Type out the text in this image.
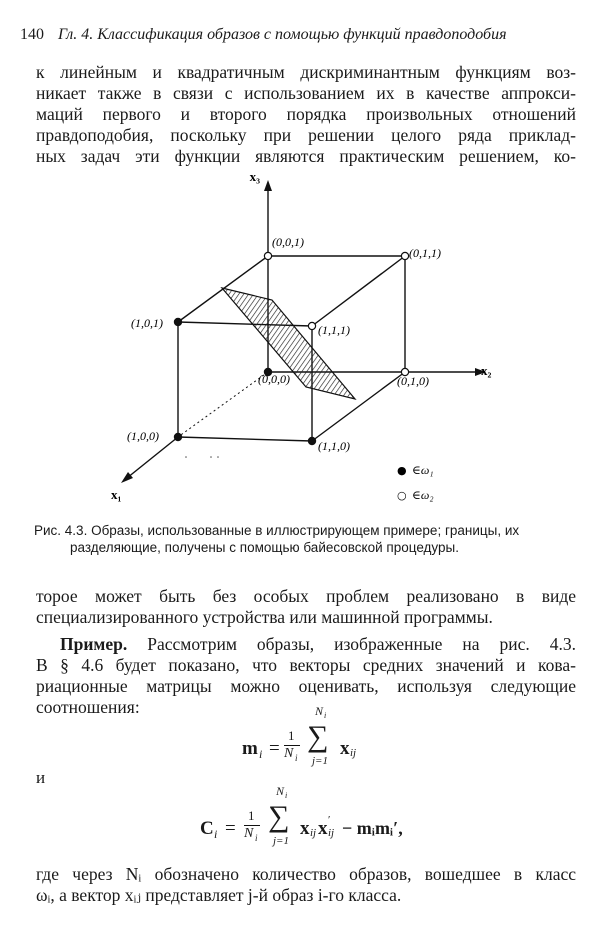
140 Гл. 4. Классификация образов с помощью функций правдоподобия
к линейным и квадратичным дискриминантным функциям воз-
никает также в связи с использованием их в качестве аппрокси-
маций первого и второго порядка произвольных отношений
правдоподобия, поскольку при решении целого ряда приклад-
ных задач эти функции являются практическим решением, ко-
x₃
x₂
x₁
(0,0,1)
(0,1,1)
(1,0,1)	(1,1,1)
(0,0,0)	(0,1,0)
(1,0,0)
(1,1,0)
● ∈ω₁
○ ∈ω₂
Рис. 4.3. Образы, использованные в иллюстрирующем примере; границы, их
разделяющие, получены с помощью байесовской процедуры.
торое может быть без особых проблем реализовано в виде
специализированного устройства или машинной программы.
Пример. Рассмотрим образы, изображенные на рис. 4.3.
В § 4.6 будет показано, что векторы средних значений и кова-
риационные матрицы можно оценивать, используя следующие
соотношения:
m i =
1
N i
N i
∑
j=1
x ij
и
C i =
1
N i
N i
∑
j=1
x ij x ′
ij − mᵢmᵢ′,
где через Nᵢ обозначено количество образов, вошедшее в класс
ωᵢ, а вектор xᵢⱼ представляет j-й образ i-го класса.
